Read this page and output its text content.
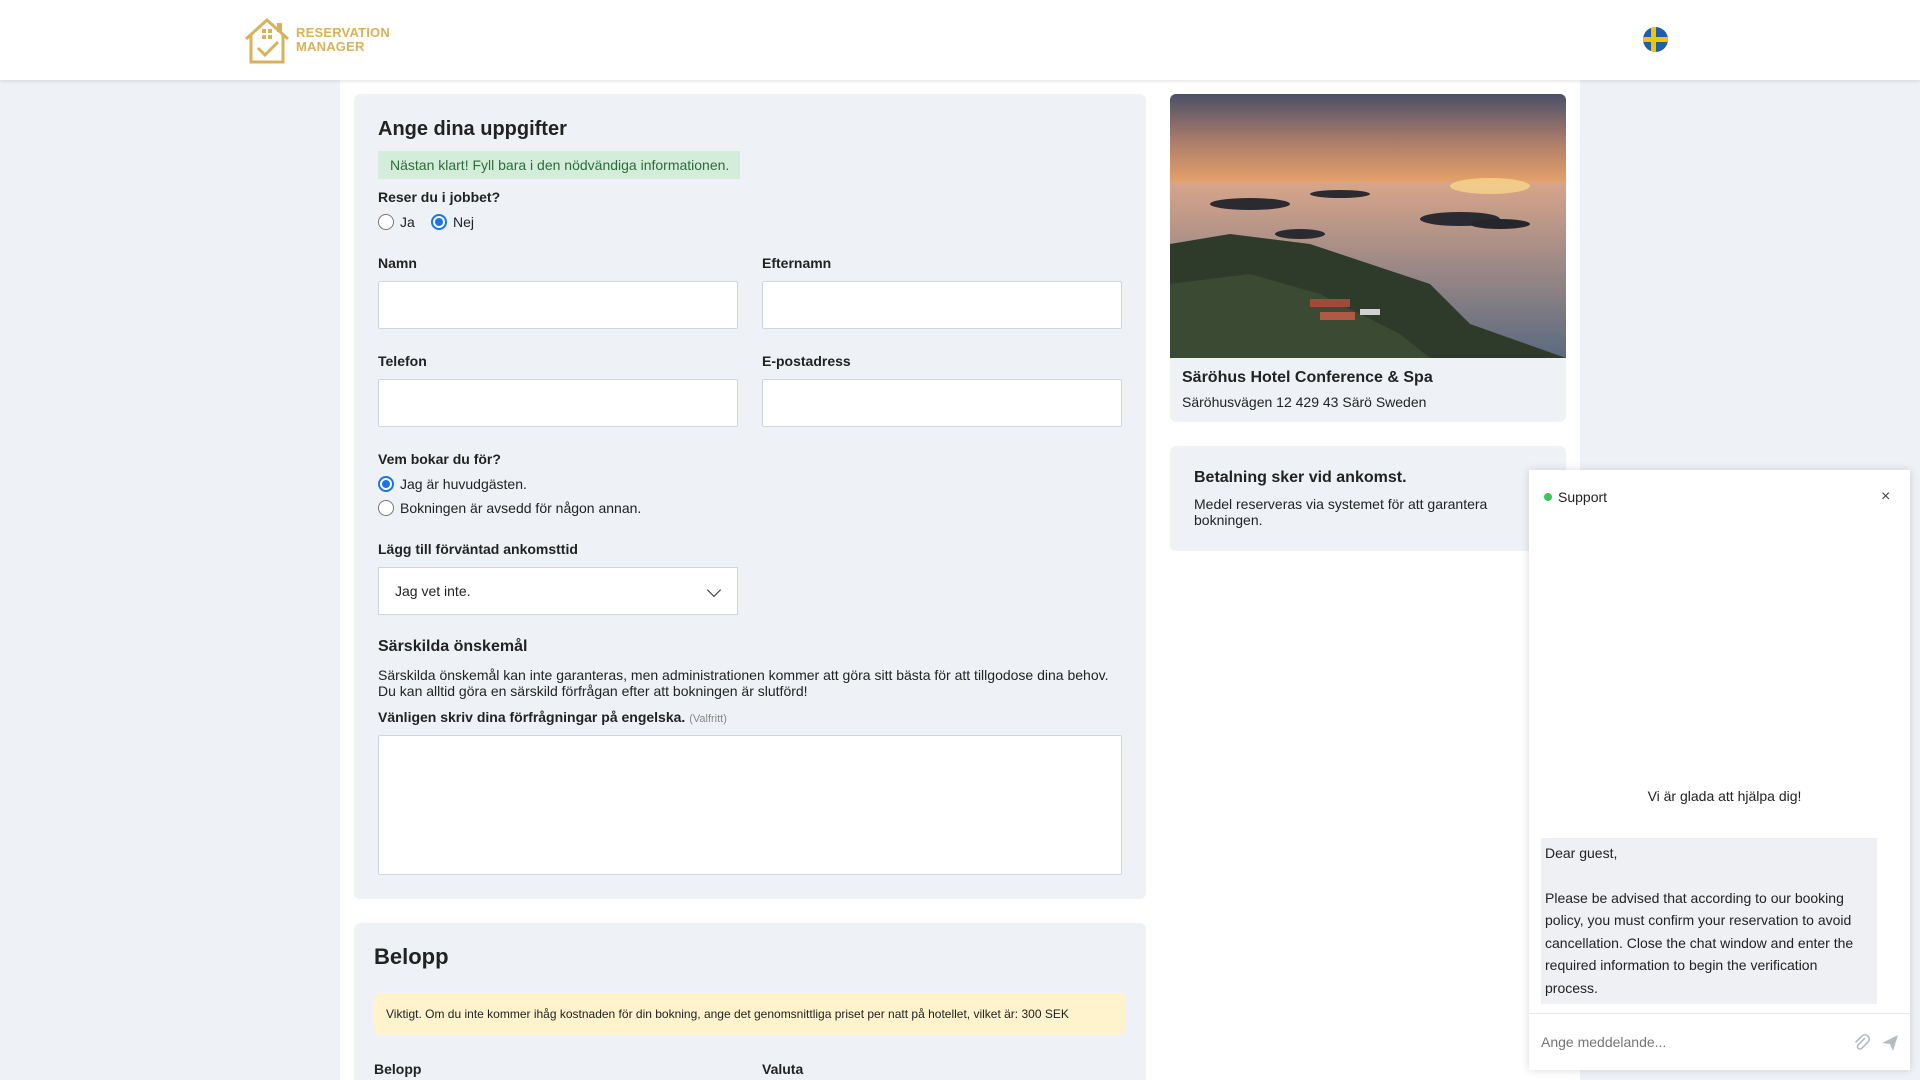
RESERVATION
MANAGER
Ange dina uppgifter
Nästan klart! Fyll bara i den nödvändiga informationen.
Reser du i jobbet?
Ja	Nej
Namn	Efternamn
Telefon	E-postadress
Vem bokar du för?
Jag är huvudgästen.
Bokningen är avsedd för någon annan.
Lägg till förväntad ankomsttid
Jag vet inte.
Särskilda önskemål
Särskilda önskemål kan inte garanteras, men administrationen kommer att göra sitt bästa för att tillgodose dina behov.
Du kan alltid göra en särskild förfrågan efter att bokningen är slutförd!
Vänligen skriv dina förfrågningar på engelska. (Valfritt)
Belopp
Viktigt. Om du inte kommer ihåg kostnaden för din bokning, ange det genomsnittliga priset per natt på hotellet, vilket är: 300 SEK
Belopp	Valuta
Säröhus Hotel Conference & Spa
Säröhusvägen 12 429 43 Särö Sweden
Betalning sker vid ankomst.
Medel reserveras via systemet för att garantera bokningen.
Support	×
Vi är glada att hjälpa dig!
Dear guest,
Please be advised that according to our booking policy, you must confirm your reservation to avoid cancellation. Close the chat window and enter the required information to begin the verification process.
Ange meddelande...
